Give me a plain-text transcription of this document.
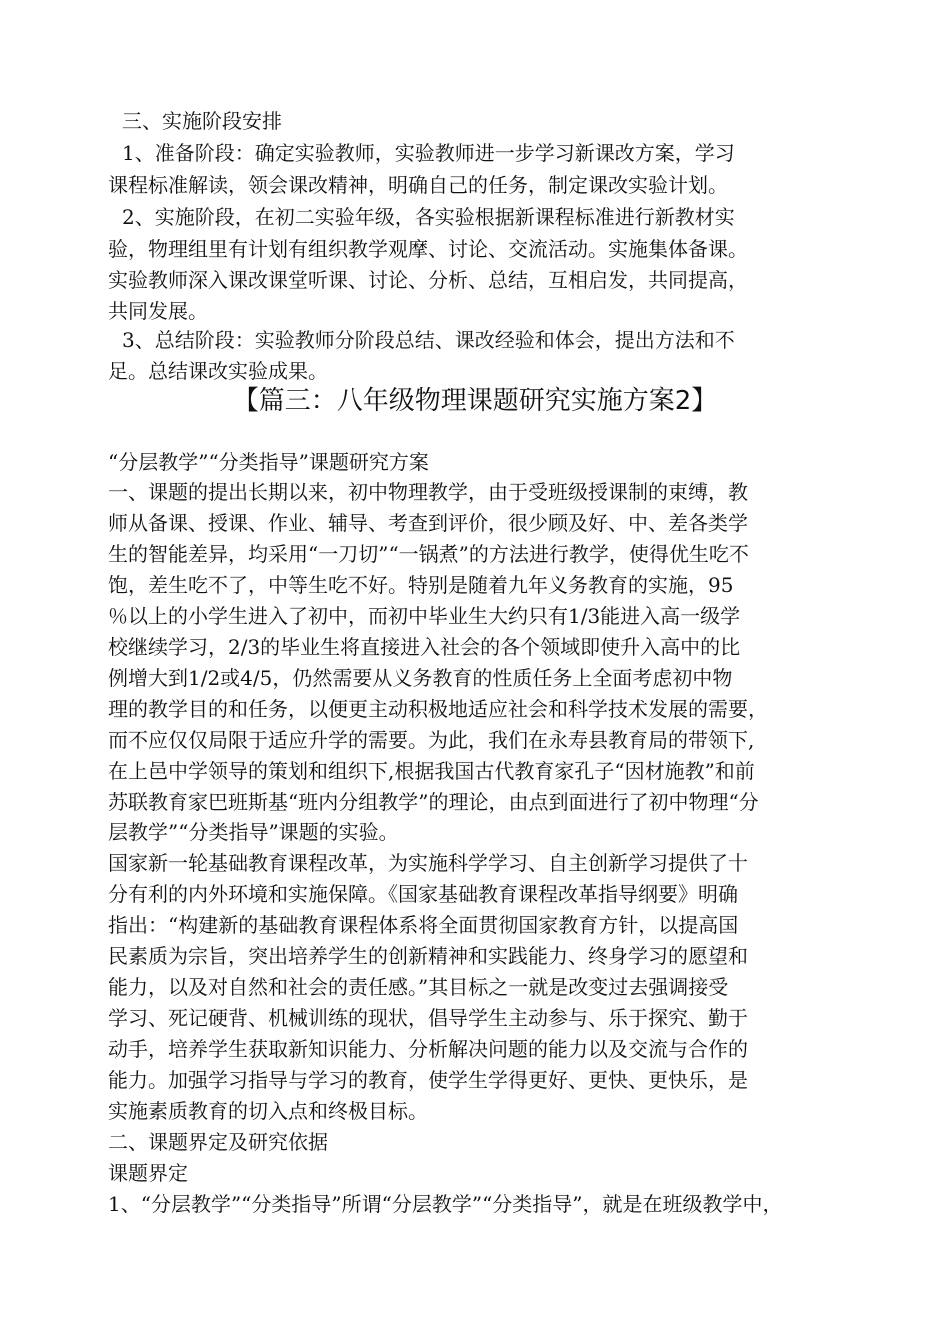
三、实施阶段安排
1、准备阶段：确定实验教师，实验教师进一步学习新课改方案，学习
课程标准解读，领会课改精神，明确自己的任务，制定课改实验计划。
2、实施阶段，在初二实验年级，各实验根据新课程标准进行新教材实
验，物理组里有计划有组织教学观摩、讨论、交流活动。实施集体备课。
实验教师深入课改课堂听课、讨论、分析、总结，互相启发，共同提高，
共同发展。
3、总结阶段：实验教师分阶段总结、课改经验和体会，提出方法和不
足。总结课改实验成果。
【篇三：八年级物理课题研究实施方案2】
“分层教学”“分类指导”课题研究方案
一、课题的提出长期以来，初中物理教学，由于受班级授课制的束缚，教
师从备课、授课、作业、辅导、考查到评价，很少顾及好、中、差各类学
生的智能差异，均采用“一刀切”“一锅煮”的方法进行教学，使得优生吃不
饱，差生吃不了，中等生吃不好。特别是随着九年义务教育的实施，95
％以上的小学生进入了初中，而初中毕业生大约只有1/3能进入高一级学
校继续学习，2/3的毕业生将直接进入社会的各个领域即使升入高中的比
例增大到1/2或4/5，仍然需要从义务教育的性质任务上全面考虑初中物
理的教学目的和任务，以便更主动积极地适应社会和科学技术发展的需要，
而不应仅仅局限于适应升学的需要。为此，我们在永寿县教育局的带领下,
在上邑中学领导的策划和组织下,根据我国古代教育家孔子“因材施教”和前
苏联教育家巴班斯基“班内分组教学”的理论，由点到面进行了初中物理“分
层教学”“分类指导”课题的实验。
国家新一轮基础教育课程改革，为实施科学学习、自主创新学习提供了十
分有利的内外环境和实施保障。《国家基础教育课程改革指导纲要》明确
指出：“构建新的基础教育课程体系将全面贯彻国家教育方针，以提高国
民素质为宗旨，突出培养学生的创新精神和实践能力、终身学习的愿望和
能力，以及对自然和社会的责任感。”其目标之一就是改变过去强调接受
学习、死记硬背、机械训练的现状，倡导学生主动参与、乐于探究、勤于
动手，培养学生获取新知识能力、分析解决问题的能力以及交流与合作的
能力。加强学习指导与学习的教育，使学生学得更好、更快、更快乐，是
实施素质教育的切入点和终极目标。
二、课题界定及研究依据
课题界定
1、“分层教学”“分类指导”所谓“分层教学”“分类指导”，就是在班级教学中，
